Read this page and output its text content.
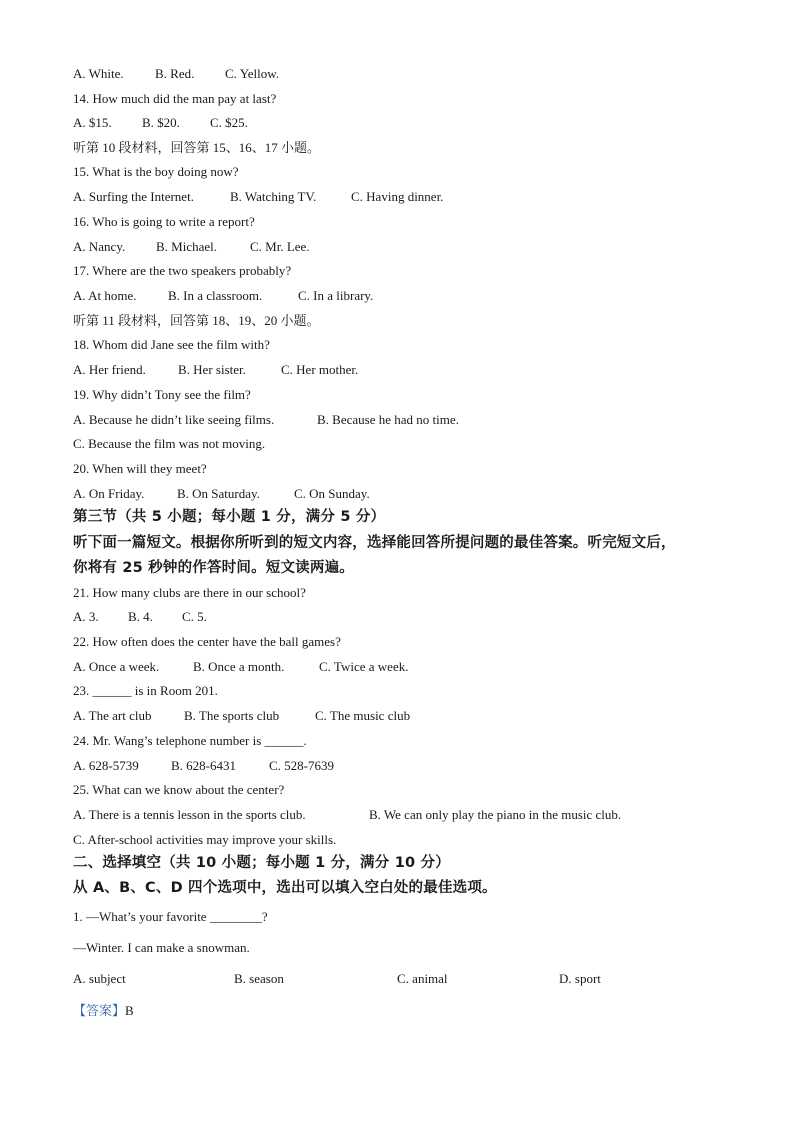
A. White. B. Red. C. Yellow.
14. How much did the man pay at last?
A. $15. B. $20. C. $25.
听第 10 段材料，回答第 15、16、17 小题。
15. What is the boy doing now?
A. Surfing the Internet.	B. Watching TV.	C. Having dinner.
16. Who is going to write a report?
A. Nancy. B. Michael.	C. Mr. Lee.
17. Where are the two speakers probably?
A. At home. B. In a classroom.	C. In a library.
听第 11 段材料，回答第 18、19、20 小题。
18. Whom did Jane see the film with?
A. Her friend. B. Her sister.	C. Her mother.
19. Why didn’t Tony see the film?
A. Because he didn’t like seeing films.	B. Because he had no time.
C. Because the film was not moving.
20. When will they meet?
A. On Friday.	B. On Saturday.	C. On Sunday.
第三节（共 5 小题；每小题 1 分，满分 5 分）
听下面一篇短文。根据你所听到的短文内容，选择能回答所提问题的最佳答案。听完短文后，
你将有 25 秒钟的作答时间。短文读两遍。
21. How many clubs are there in our school?
A. 3. B. 4. C. 5.
22. How often does the center have the ball games?
A. Once a week.	B. Once a month.	C. Twice a week.
23. ______ is in Room 201.
A. The art club	B. The sports club	C. The music club
24. Mr. Wang’s telephone number is ______.
A. 628-5739 B. 628-6431	C. 528-7639
25. What can we know about the center?
A. There is a tennis lesson in the sports club.	B. We can only play the piano in the music club.
C. After-school activities may improve your skills.
二、选择填空（共 10 小题；每小题 1 分，满分 10 分）
从 A、B、C、D 四个选项中，选出可以填入空白处的最佳选项。
1. —What’s your favorite ________?
—Winter. I can make a snowman.
A. subject	B. season	C. animal	D. sport
【答案】B
